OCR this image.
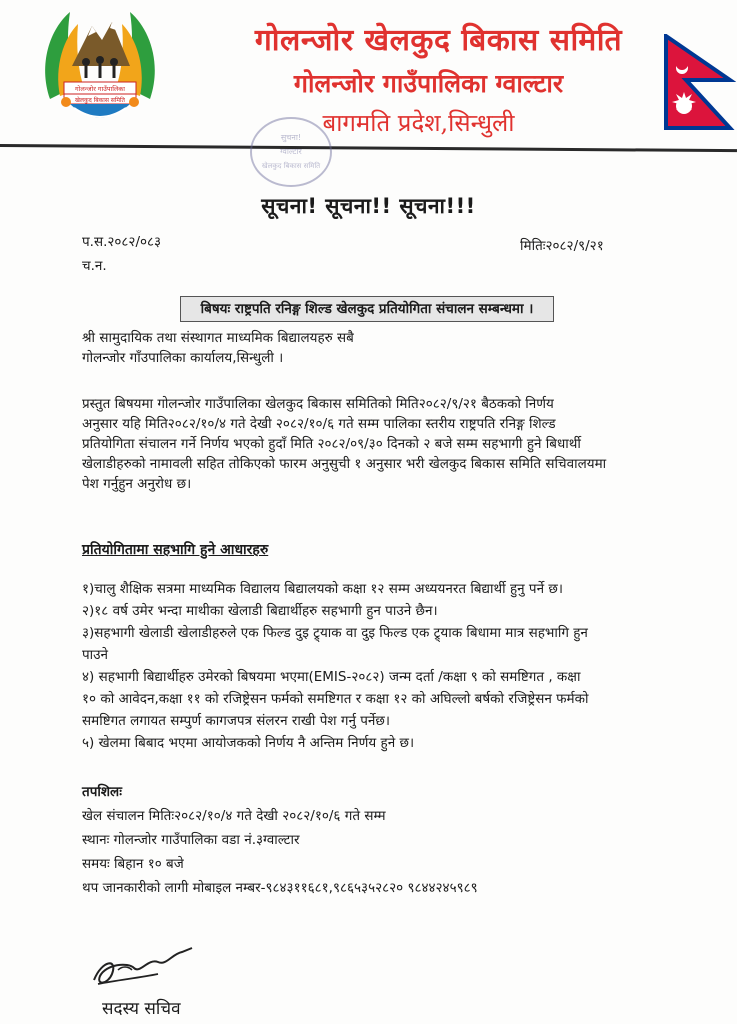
गोलन्जोर गाउँपालिका
खेलकुद बिकास समिति
गोलन्जोर खेलकुद बिकास समिति
गोलन्जोर गाउँपालिका ग्वाल्टार
बागमति प्रदेश,सिन्धुली
सुचना!
ग्वाल्टार
खेलकुद बिकास समिति
सूचना! सूचना!! सूचना!!!
प.स.२०८२/०८३
च.न.
मितिः२०८२/९/२१
बिषयः राष्ट्रपति रनिङ्ग शिल्ड खेलकुद प्रतियोगिता संचालन सम्बन्धमा ।
श्री सामुदायिक तथा संस्थागत माध्यमिक बिद्यालयहरु सबै
गोलन्जोर गाँउपालिका कार्यालय,सिन्धुली ।
प्रस्तुत बिषयमा गोलन्जोर गाउँपालिका खेलकुद बिकास समितिको मिति२०८२/९/२१ बैठकको निर्णय
अनुसार यहि मिति२०८२/१०/४ गते देखी २०८२/१०/६ गते सम्म पालिका स्तरीय राष्ट्रपति रनिङ्ग शिल्ड
प्रतियोगिता संचालन गर्ने निर्णय भएको हुदाँ मिति २०८२/०९/३० दिनको २ बजे सम्म सहभागी हुने बिधार्थी
खेलाडीहरुको नामावली सहित तोकिएको फारम अनुसुची १ अनुसार भरी खेलकुद बिकास समिति सचिवालयमा
पेश गर्नुहुन अनुरोध छ।
प्रतियोगितामा सहभागि हुने आधारहरु
१)चालु शैक्षिक सत्रमा माध्यमिक विद्यालय बिद्यालयको कक्षा १२ सम्म अध्ययनरत बिद्यार्थी हुनु पर्ने छ।
२)१८ वर्ष उमेर भन्दा माथीका खेलाडी बिद्यार्थीहरु सहभागी हुन पाउने छैन।
३)सहभागी खेलाडी खेलाडीहरुले एक फिल्ड दुइ ट्र्याक वा दुइ फिल्ड एक ट्र्याक बिधामा मात्र सहभागि हुन
पाउने
४) सहभागी बिद्यार्थीहरु उमेरको बिषयमा भएमा(EMIS-२०८२) जन्म दर्ता /कक्षा ९ को समष्टिगत , कक्षा
१० को आवेदन,कक्षा ११ को रजिष्ट्रेसन फर्मको समष्टिगत र कक्षा १२ को अघिल्लो बर्षको रजिष्ट्रेसन फर्मको
समष्टिगत लगायत सम्पुर्ण कागजपत्र संलरन राखी पेश गर्नु पर्नेछ।
५) खेलमा बिबाद भएमा आयोजकको निर्णय नै अन्तिम निर्णय हुने छ।
तपशिलः
खेल संचालन मितिः२०८२/१०/४ गते देखी २०८२/१०/६ गते सम्म
स्थानः गोलन्जोर गाउँपालिका वडा नं.३ग्वाल्टार
समयः बिहान १० बजे
थप जानकारीको लागी मोबाइल नम्बर-९८४३११६८१,९८६५३५२८२० ९८४४२४५९८९
सदस्य सचिव
